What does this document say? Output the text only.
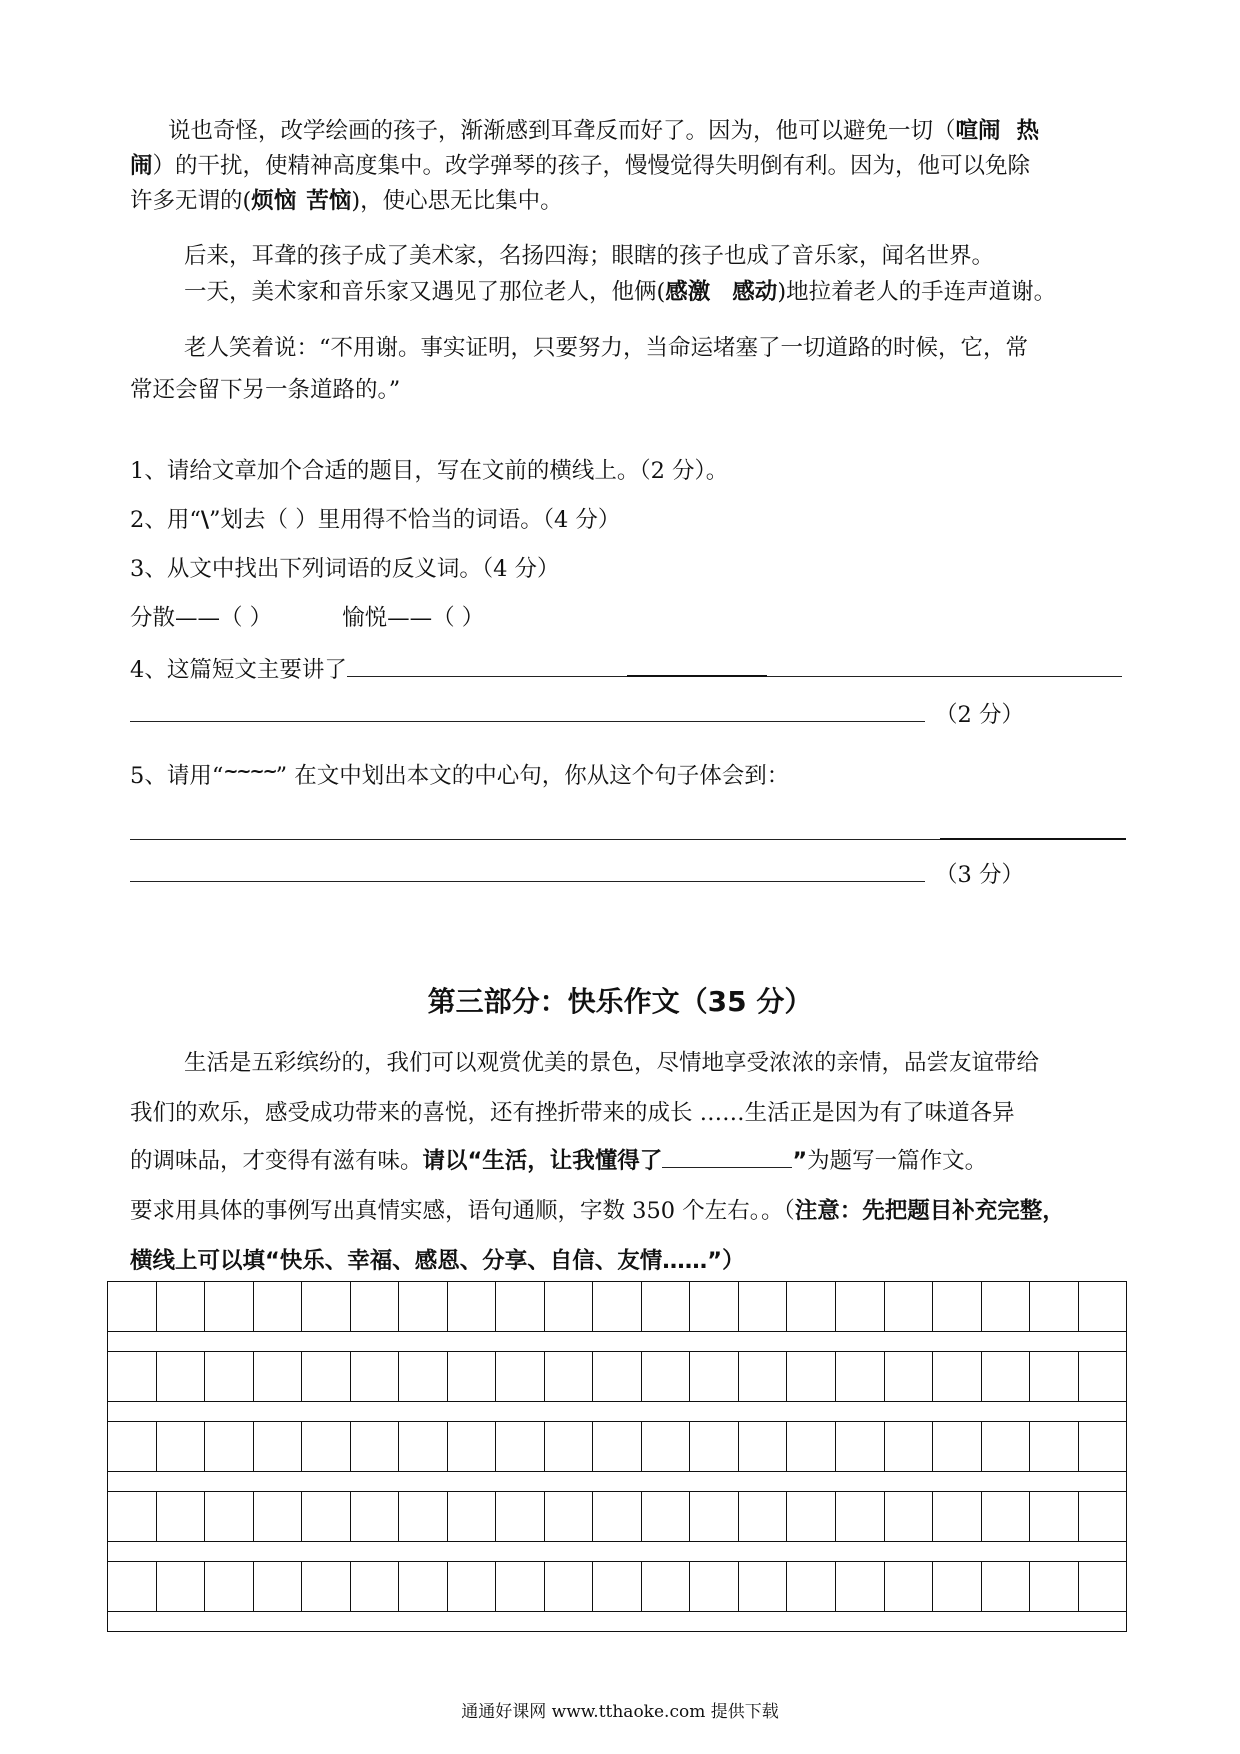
说也奇怪，改学绘画的孩子，渐渐感到耳聋反而好了。因为，他可以避免一切（喧闹 热
闹）的干扰，使精神高度集中。改学弹琴的孩子，慢慢觉得失明倒有利。因为，他可以免除
许多无谓的(烦恼 苦恼)，使心思无比集中。
后来，耳聋的孩子成了美术家，名扬四海；眼瞎的孩子也成了音乐家，闻名世界。
一天，美术家和音乐家又遇见了那位老人，他俩(感激 感动)地拉着老人的手连声道谢。
老人笑着说：“不用谢。事实证明，只要努力，当命运堵塞了一切道路的时候，它，常
常还会留下另一条道路的。”
1、请给文章加个合适的题目，写在文前的横线上。（2 分）。
2、用“\”划去（ ）里用得不恰当的词语。（4 分）
3、从文中找出下列词语的反义词。（4 分）
分散——（ ）	愉悦——（ ）
4、这篇短文主要讲了
（2 分）
5、请用“~~~~” 在文中划出本文的中心句，你从这个句子体会到：
（3 分）
第三部分：快乐作文（35 分）
生活是五彩缤纷的，我们可以观赏优美的景色，尽情地享受浓浓的亲情，品尝友谊带给
我们的欢乐，感受成功带来的喜悦，还有挫折带来的成长 ……生活正是因为有了味道各异
的调味品，才变得有滋有味。请以“生活，让我懂得了	”为题写一篇作文。
要求用具体的事例写出真情实感，语句通顺，字数 350 个左右。。（注意：先把题目补充完整，
横线上可以填“快乐、幸福、感恩、分享、自信、友情……”）
通通好课网 www.tthaoke.com 提供下载
